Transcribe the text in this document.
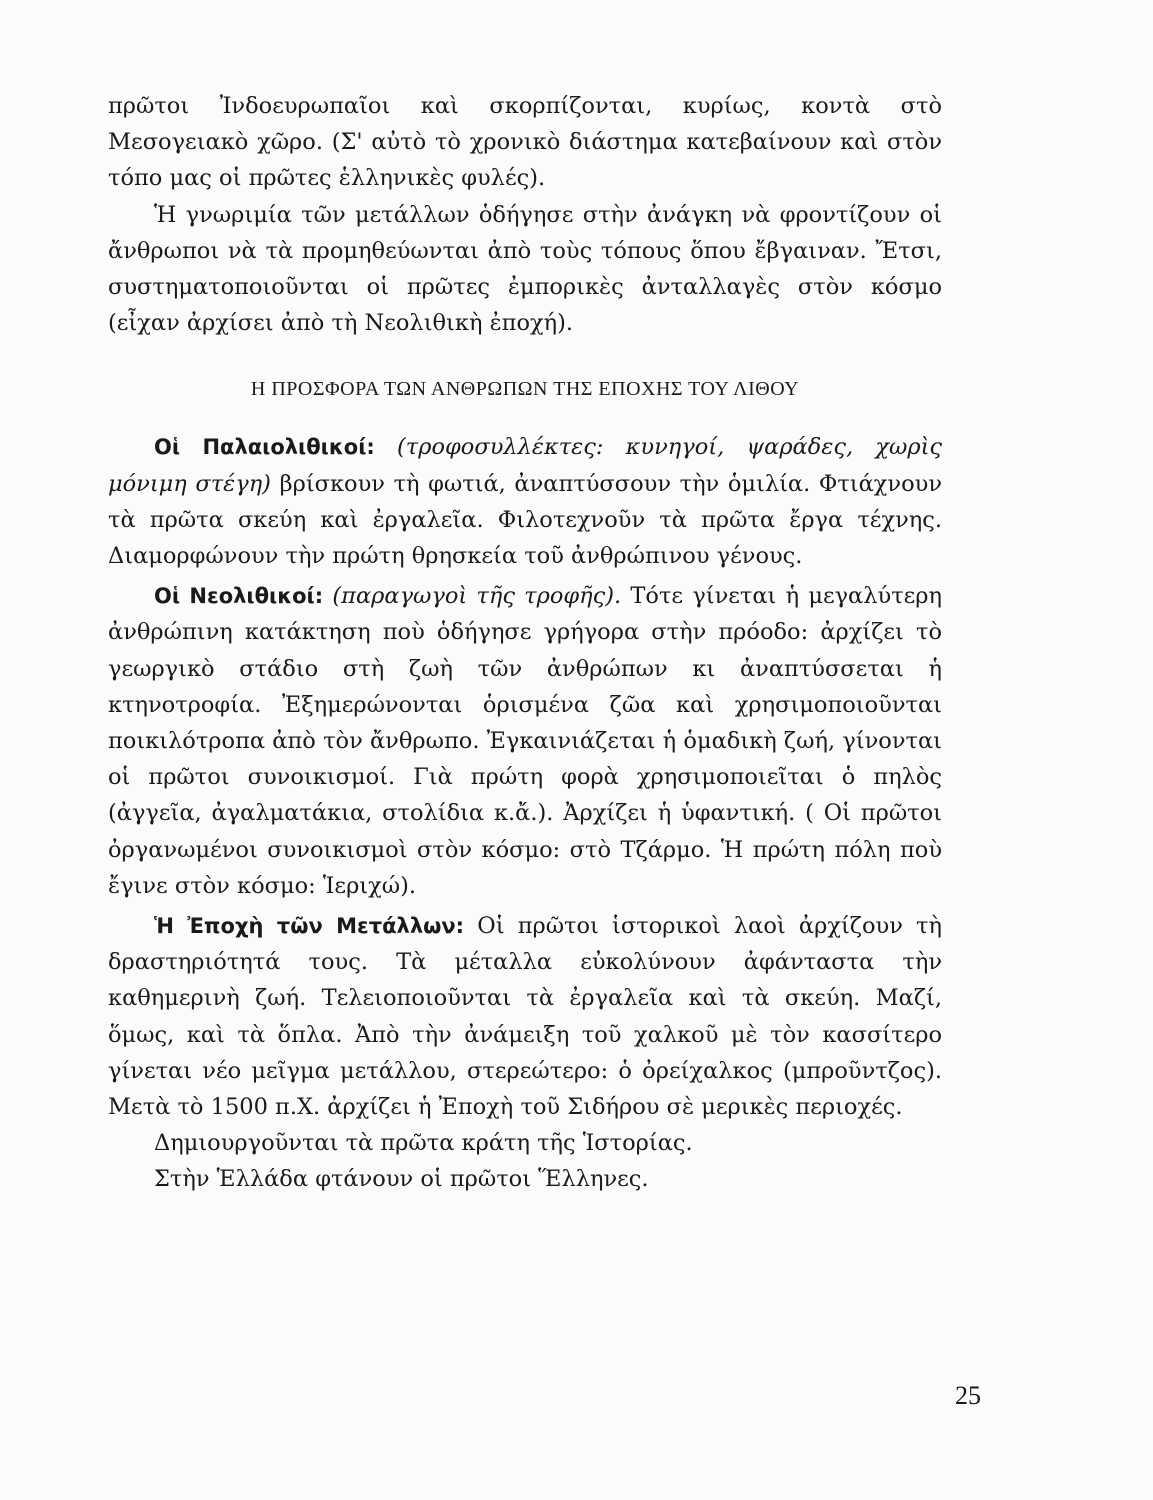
πρῶτοι Ἰνδοευρωπαῖοι καὶ σκορπίζονται, κυρίως, κοντὰ στὸ Μεσογειακὸ χῶρο. (Σ' αὐτὸ τὸ χρονικὸ διάστημα κατεβαίνουν καὶ στὸν τόπο μας οἱ πρῶτες ἑλληνικὲς φυλές).

Ἡ γνωριμία τῶν μετάλλων ὁδήγησε στὴν ἀνάγκη νὰ φροντίζουν οἱ ἄνθρωποι νὰ τὰ προμηθεύωνται ἀπὸ τοὺς τόπους ὅπου ἔβγαιναν. Ἔτσι, συστηματοποιοῦνται οἱ πρῶτες ἐμπορικὲς ἀνταλλαγὲς στὸν κόσμο (εἶχαν ἀρχίσει ἀπὸ τὴ Νεολιθικὴ ἐποχή).

Η ΠΡΟΣΦΟΡΑ ΤΩΝ ΑΝΘΡΩΠΩΝ ΤΗΣ ΕΠΟΧΗΣ ΤΟΥ ΛΙΘΟΥ

Οἱ Παλαιολιθικοί: (τροφοσυλλέκτες: κυνηγοί, ψαράδες, χωρὶς μόνιμη στέγη) βρίσκουν τὴ φωτιά, ἀναπτύσσουν τὴν ὁμιλία. Φτιάχνουν τὰ πρῶτα σκεύη καὶ ἐργαλεῖα. Φιλοτεχνοῦν τὰ πρῶτα ἔργα τέχνης. Διαμορφώνουν τὴν πρώτη θρησκεία τοῦ ἀνθρώπινου γένους.

Οἱ Νεολιθικοί: (παραγωγοὶ τῆς τροφῆς). Τότε γίνεται ἡ μεγαλύτερη ἀνθρώπινη κατάκτηση ποὺ ὁδήγησε γρήγορα στὴν πρόοδο: ἀρχίζει τὸ γεωργικὸ στάδιο στὴ ζωὴ τῶν ἀνθρώπων κι ἀναπτύσσεται ἡ κτηνοτροφία. Ἐξημερώνονται ὁρισμένα ζῶα καὶ χρησιμοποιοῦνται ποικιλότροπα ἀπὸ τὸν ἄνθρωπο. Ἐγκαινιάζεται ἡ ὁμαδικὴ ζωή, γίνονται οἱ πρῶτοι συνοικισμοί. Γιὰ πρώτη φορὰ χρησιμοποιεῖται ὁ πηλὸς (ἀγγεῖα, ἀγαλματάκια, στολίδια κ.ἄ.). Ἀρχίζει ἡ ὑφαντική. ( Οἱ πρῶτοι ὀργανωμένοι συνοικισμοὶ στὸν κόσμο: στὸ Τζάρμο. Ἡ πρώτη πόλη ποὺ ἔγινε στὸν κόσμο: Ἱεριχώ).

Ἡ Ἐποχὴ τῶν Μετάλλων: Οἱ πρῶτοι ἱστορικοὶ λαοὶ ἀρχίζουν τὴ δραστηριότητά τους. Τὰ μέταλλα εὐκολύνουν ἀφάνταστα τὴν καθημερινὴ ζωή. Τελειοποιοῦνται τὰ ἐργαλεῖα καὶ τὰ σκεύη. Μαζί, ὅμως, καὶ τὰ ὅπλα. Ἀπὸ τὴν ἀνάμειξη τοῦ χαλκοῦ μὲ τὸν κασσίτερο γίνεται νέο μεῖγμα μετάλλου, στερεώτερο: ὁ ὀρείχαλκος (μπροῦντζος). Μετὰ τὸ 1500 π.Χ. ἀρχίζει ἡ Ἐποχὴ τοῦ Σιδήρου σὲ μερικὲς περιοχές.

Δημιουργοῦνται τὰ πρῶτα κράτη τῆς Ἱστορίας.

Στὴν Ἑλλάδα φτάνουν οἱ πρῶτοι Ἕλληνες.

25
